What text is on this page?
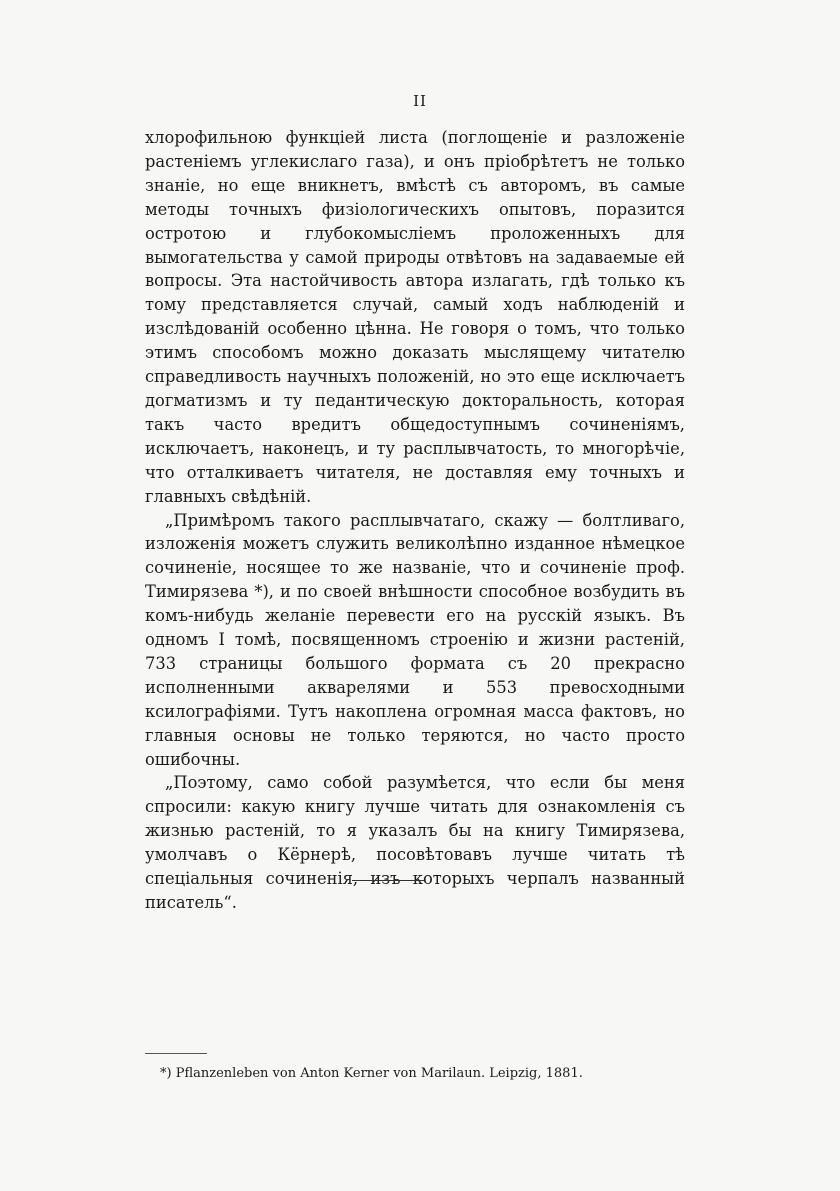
II

хлорофильною функціей листа (поглощеніе и разложеніе растеніемъ углекислаго газа), и онъ пріобрѣтетъ не только знаніе, но еще вникнетъ, вмѣстѣ съ авторомъ, въ самые методы точныхъ физіологическихъ опытовъ, поразится остротою и глубокомысліемъ проложенныхъ для вымогательства у самой природы отвѣтовъ на задаваемые ей вопросы. Эта настойчивость автора излагать, гдѣ только къ тому представляется случай, самый ходъ наблюденій и изслѣдованій особенно цѣнна. Не говоря о томъ, что только этимъ способомъ можно доказать мыслящему читателю справедливость научныхъ положеній, но это еще исключаетъ догматизмъ и ту педантическую докторальность, которая такъ часто вредитъ общедоступнымъ сочиненіямъ, исключаетъ, наконецъ, и ту расплывчатость, то многорѣчіе, что отталкиваетъ читателя, не доставляя ему точныхъ и главныхъ свѣдѣній.

„Примѣромъ такого расплывчатаго, скажу — болтливаго, изложенія можетъ служить великолѣпно изданное нѣмецкое сочиненіе, носящее то же названіе, что и сочиненіе проф. Тимирязева *), и по своей внѣшности способное возбудить въ комъ-нибудь желаніе перевести его на русскій языкъ. Въ одномъ I томѣ, посвященномъ строенію и жизни растеній, 733 страницы большого формата съ 20 прекрасно исполненными акварелями и 553 превосходными ксилографіями. Тутъ накоплена огромная масса фактовъ, но главныя основы не только теряются, но часто просто ошибочны.

„Поэтому, само собой разумѣется, что если бы меня спросили: какую книгу лучше читать для ознакомленія съ жизнью растеній, то я указалъ бы на книгу Тимирязева, умолчавъ о Кёрнерѣ, посовѣтовавъ лучше читать тѣ спеціальныя сочиненія, изъ которыхъ черпалъ названный писатель“.

*) Pflanzenleben von Anton Kerner von Marilaun. Leipzig, 1881.
